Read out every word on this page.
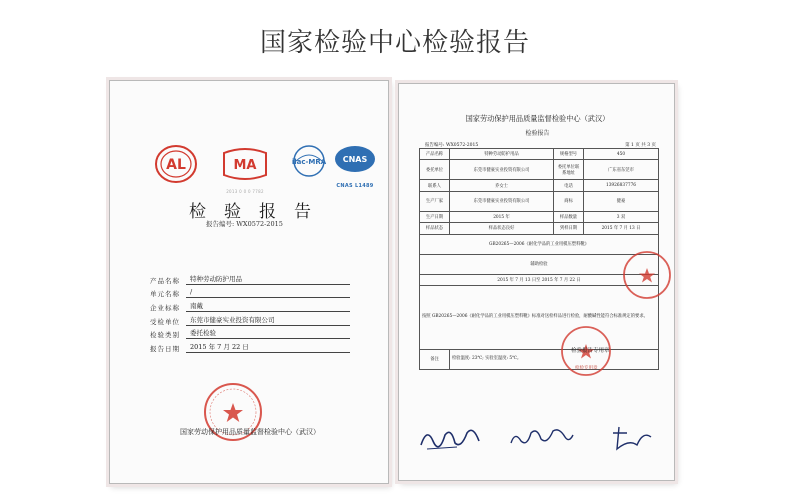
国家检验中心检验报告
AL	MA	ilac-MRA CNAS
2013 0 0 0 7782
CNAS L1489
检验报告
报告编号: WX0572-2015
产品名称	特种劳动防护用品
单元名称	/
企业标称	南戴
受检单位	东莞市健豪实业投资有限公司
检验类别	委托检验
报告日期	2015 年 7 月 22 日
国家劳动保护用品质量监督检验中心（武汉）
国家劳动保护用品质量监督检验中心（武汉）
检验报告
报告编号: WX0572-2015	第 1 页 共 3 页
产品名称	特种劳动防护用品	规格型号	450
委托单位	东莞市健豪实业投资有限公司	委托单位联系地址	广东省东莞市
联系人	乔女士	电话	13926837776
生产厂家	东莞市健豪实业投资有限公司	商标	健豪
生产日期	2015 年	样品数量	3 双
样品状态	样品状态良好	到样日期	2015 年 7 月 13 日
GB20265—2006《耐化学品的工业用模压塑料靴》			
辅助检验			
2015 年 7 月 13 日至 2015 年 7 月 22 日			
按照 GB20265—2006《耐化学品的工业用模压塑料靴》标准对送检样品进行检验，耐酸碱性能符合标准规定的要求。			
备注	检验温度: 23℃; 实验室温度: 5℃。		
检验报告专用章
检验专用章
